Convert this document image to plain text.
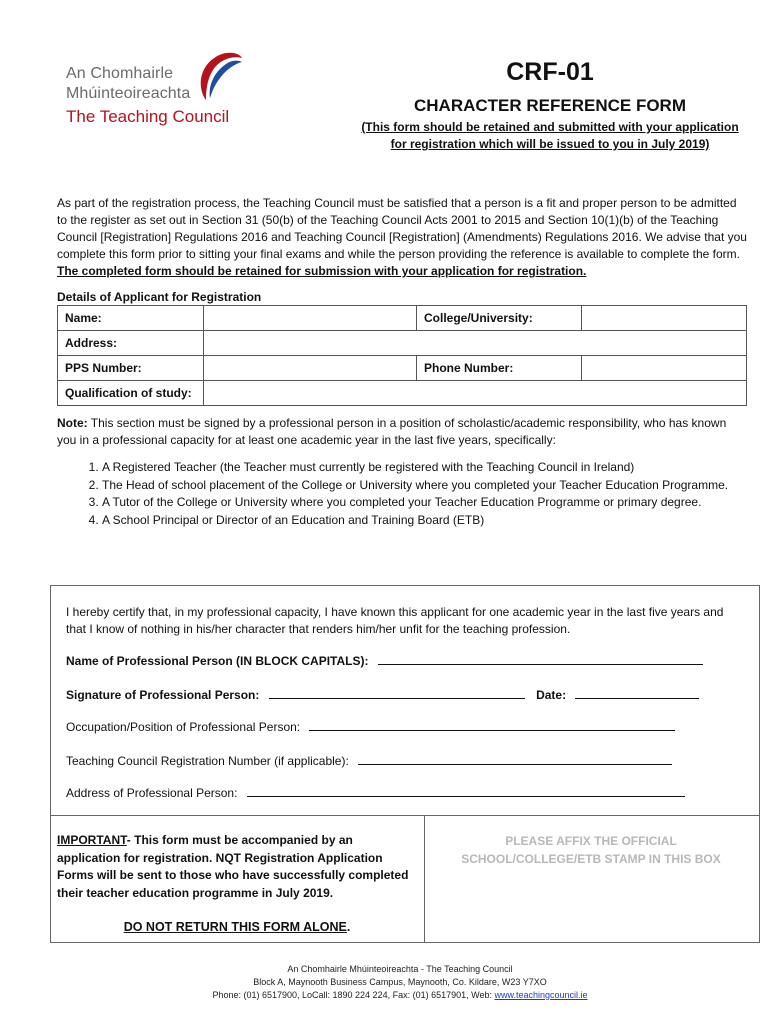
An Chomhairle
Mhúinteoireachta
The Teaching Council
CRF-01
CHARACTER REFERENCE FORM
(This form should be retained and submitted with your application
for registration which will be issued to you in July 2019)
As part of the registration process, the Teaching Council must be satisfied that a person is a fit and proper person to be admitted to the register as set out in Section 31 (50(b) of the Teaching Council Acts 2001 to 2015 and Section 10(1)(b) of the Teaching Council [Registration] Regulations 2016 and Teaching Council [Registration] (Amendments) Regulations 2016. We advise that you complete this form prior to sitting your final exams and while the person providing the reference is available to complete the form. The completed form should be retained for submission with your application for registration.
Details of Applicant for Registration
Name:		College/University:	
Address:			
PPS Number:		Phone Number:	
Qualification of study:			
Note: This section must be signed by a professional person in a position of scholastic/academic responsibility, who has known you in a professional capacity for at least one academic year in the last five years, specifically:
1. A Registered Teacher (the Teacher must currently be registered with the Teaching Council in Ireland)
2. The Head of school placement of the College or University where you completed your Teacher Education Programme.
3. A Tutor of the College or University where you completed your Teacher Education Programme or primary degree.
4. A School Principal or Director of an Education and Training Board (ETB)
I hereby certify that, in my professional capacity, I have known this applicant for one academic year in the last five years and that I know of nothing in his/her character that renders him/her unfit for the teaching profession.
Name of Professional Person (IN BLOCK CAPITALS):
Signature of Professional Person:	Date:
Occupation/Position of Professional Person:
Teaching Council Registration Number (if applicable):
Address of Professional Person:
IMPORTANT- This form must be accompanied by an application for registration. NQT Registration Application Forms will be sent to those who have successfully completed their teacher education programme in July 2019.
DO NOT RETURN THIS FORM ALONE.
PLEASE AFFIX THE OFFICIAL
SCHOOL/COLLEGE/ETB STAMP IN THIS BOX
An Chomhairle Mhúinteoireachta - The Teaching Council
Block A, Maynooth Business Campus, Maynooth, Co. Kildare, W23 Y7XO
Phone: (01) 6517900, LoCall: 1890 224 224, Fax: (01) 6517901, Web: www.teachingcouncil.ie
